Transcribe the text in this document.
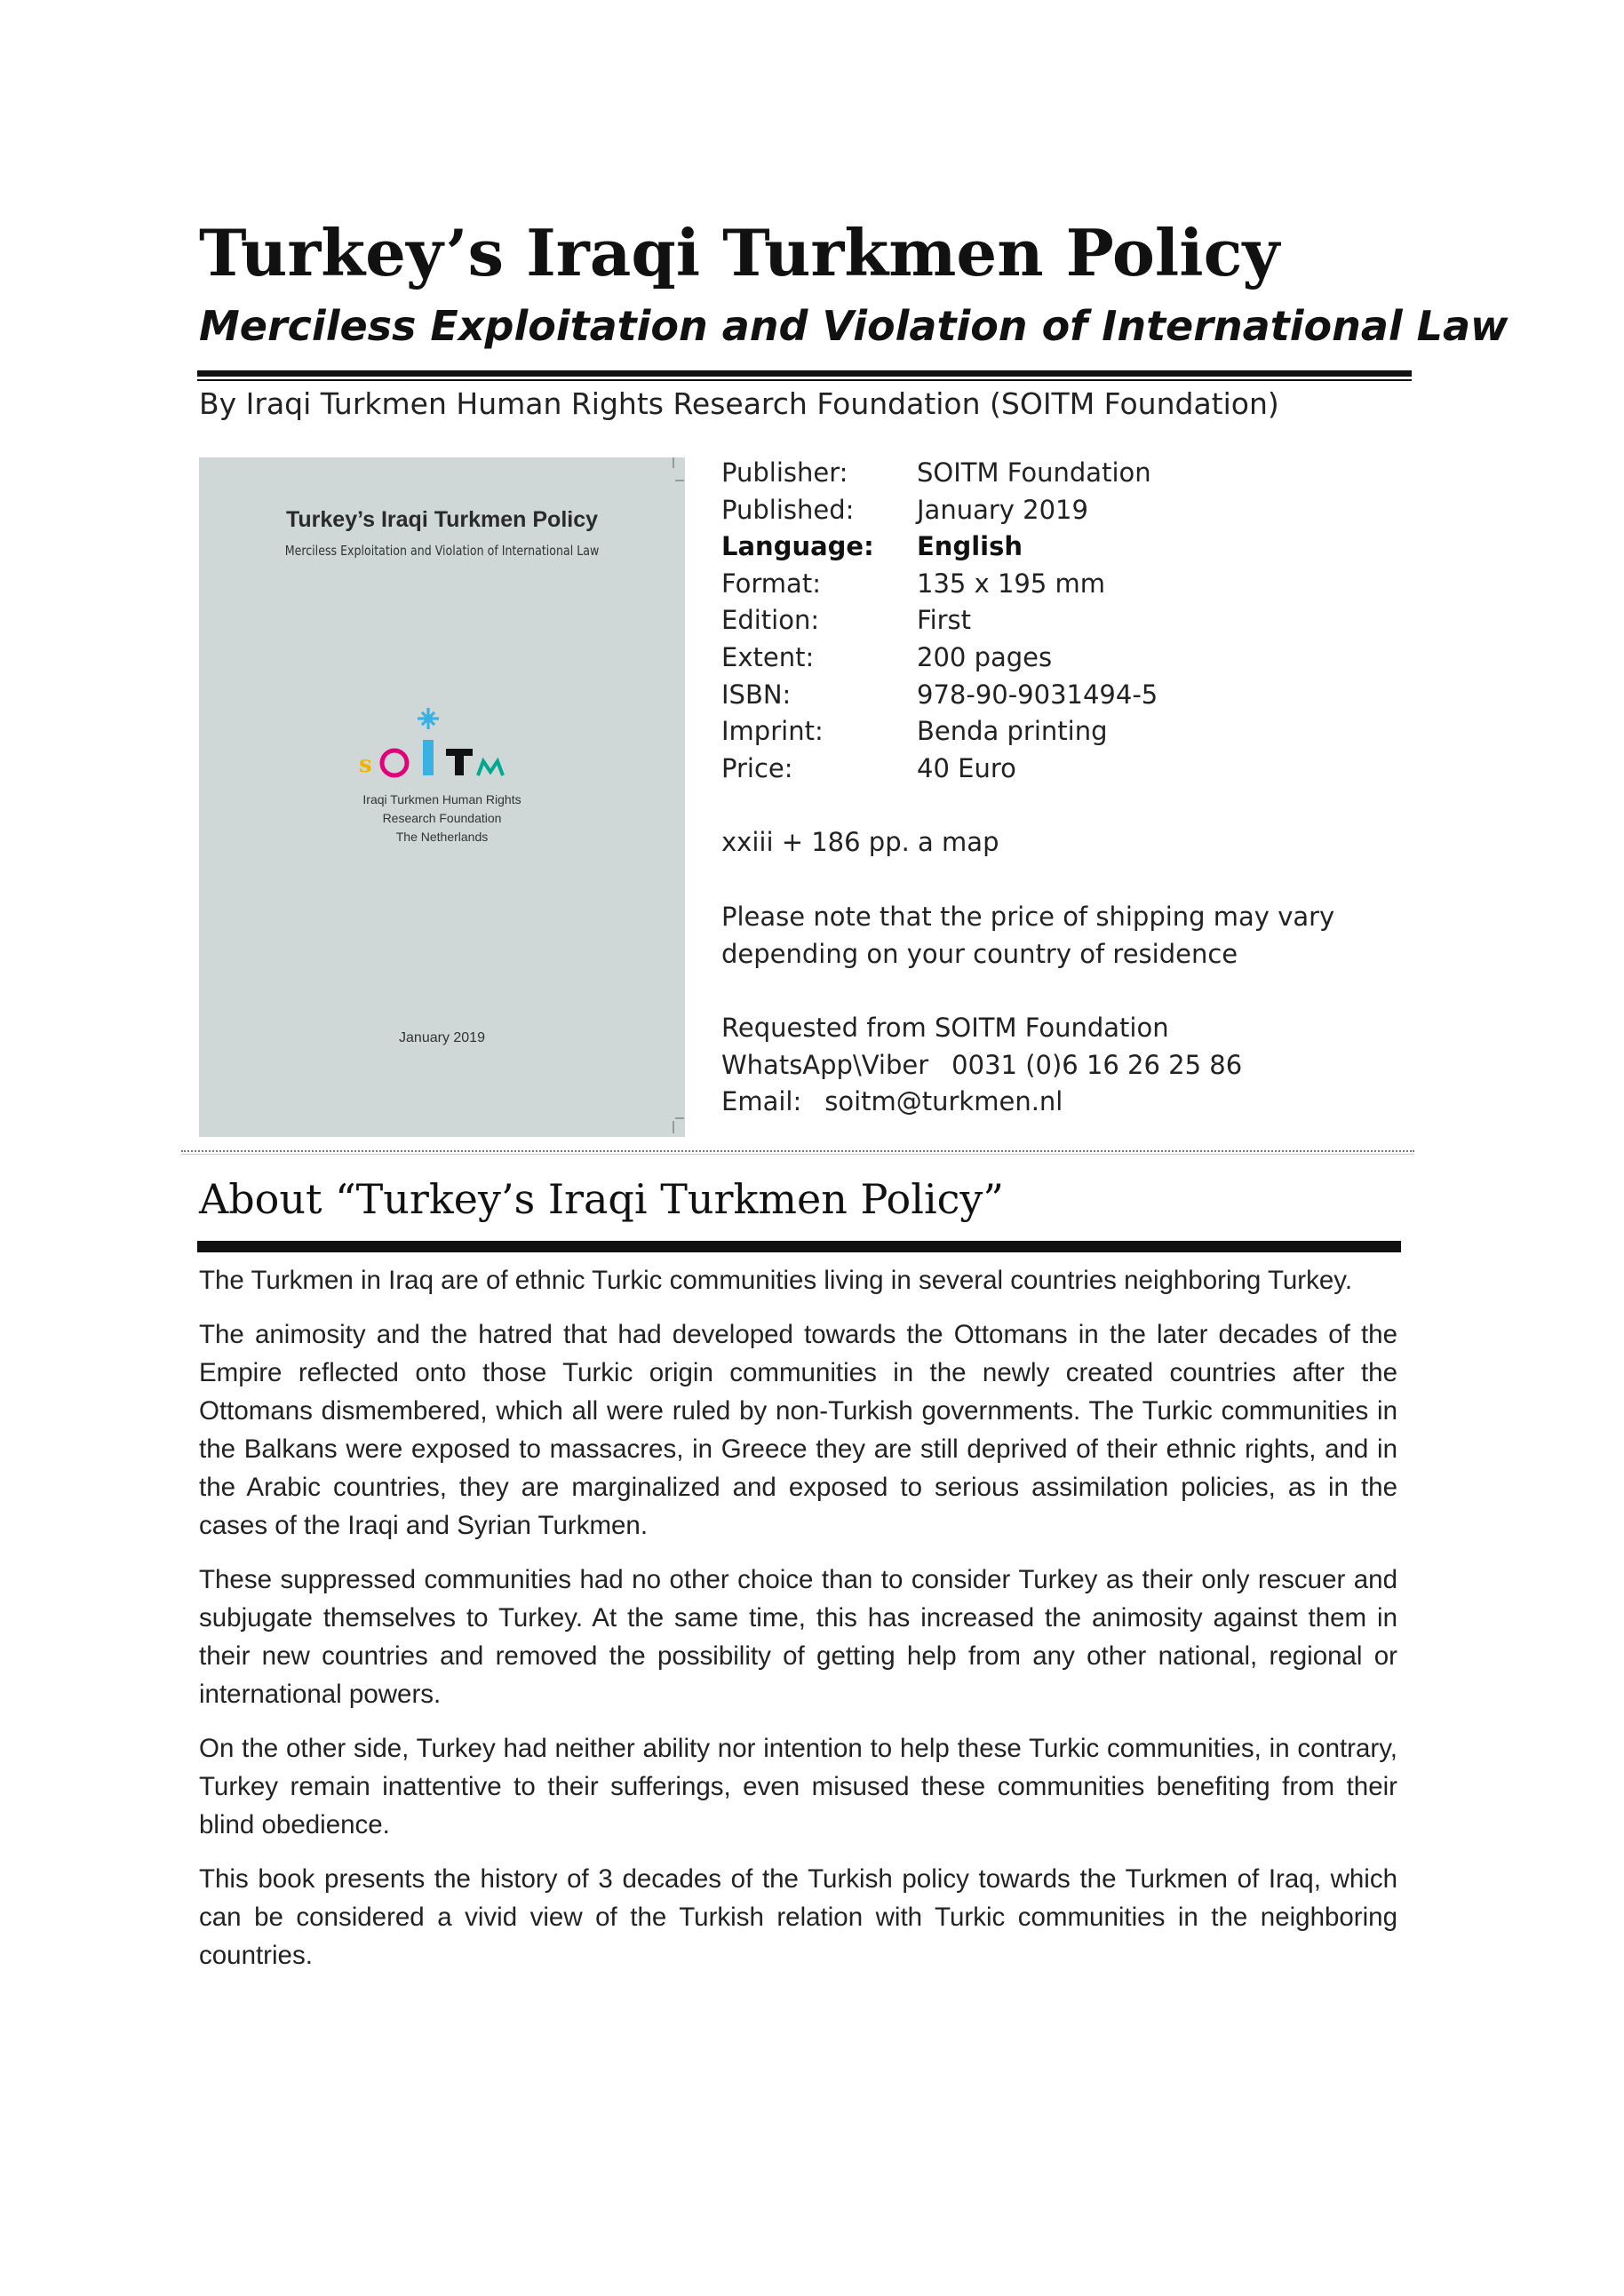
Turkey’s Iraqi Turkmen Policy
Merciless Exploitation and Violation of International Law
By Iraqi Turkmen Human Rights Research Foundation (SOITM Foundation)
Turkey’s Iraqi Turkmen Policy
Merciless Exploitation and Violation of International Law
s
Iraqi Turkmen Human Rights
Research Foundation
The Netherlands
January 2019
Publisher:	SOITM Foundation
Published:	January 2019
Language:	English
Format:	135 x 195 mm
Edition:	First
Extent:	200 pages
ISBN:	978-90-9031494-5
Imprint:	Benda printing
Price:	40 Euro
xxiii + 186 pp. a map
Please note that the price of shipping may vary
depending on your country of residence
Requested from SOITM Foundation
WhatsApp\Viber 0031 (0)6 16 26 25 86
Email: soitm@turkmen.nl
About “Turkey’s Iraqi Turkmen Policy”

The Turkmen in Iraq are of ethnic Turkic communities living in several countries neighboring Turkey.

The animosity and the hatred that had developed towards the Ottomans in the later decades of the Empire reflected onto those Turkic origin communities in the newly created countries after the Ottomans dismembered, which all were ruled by non-Turkish governments. The Turkic communities in the Balkans were exposed to massacres, in Greece they are still deprived of their ethnic rights, and in the Arabic countries, they are marginalized and exposed to serious assimilation policies, as in the cases of the Iraqi and Syrian Turkmen.

These suppressed communities had no other choice than to consider Turkey as their only rescuer and subjugate themselves to Turkey. At the same time, this has increased the animosity against them in their new countries and removed the possibility of getting help from any other national, regional or international powers.

On the other side, Turkey had neither ability nor intention to help these Turkic communities, in contrary, Turkey remain inattentive to their sufferings, even misused these communities benefiting from their blind obedience.

This book presents the history of 3 decades of the Turkish policy towards the Turkmen of Iraq, which can be considered a vivid view of the Turkish relation with Turkic communities in the neighboring countries.
